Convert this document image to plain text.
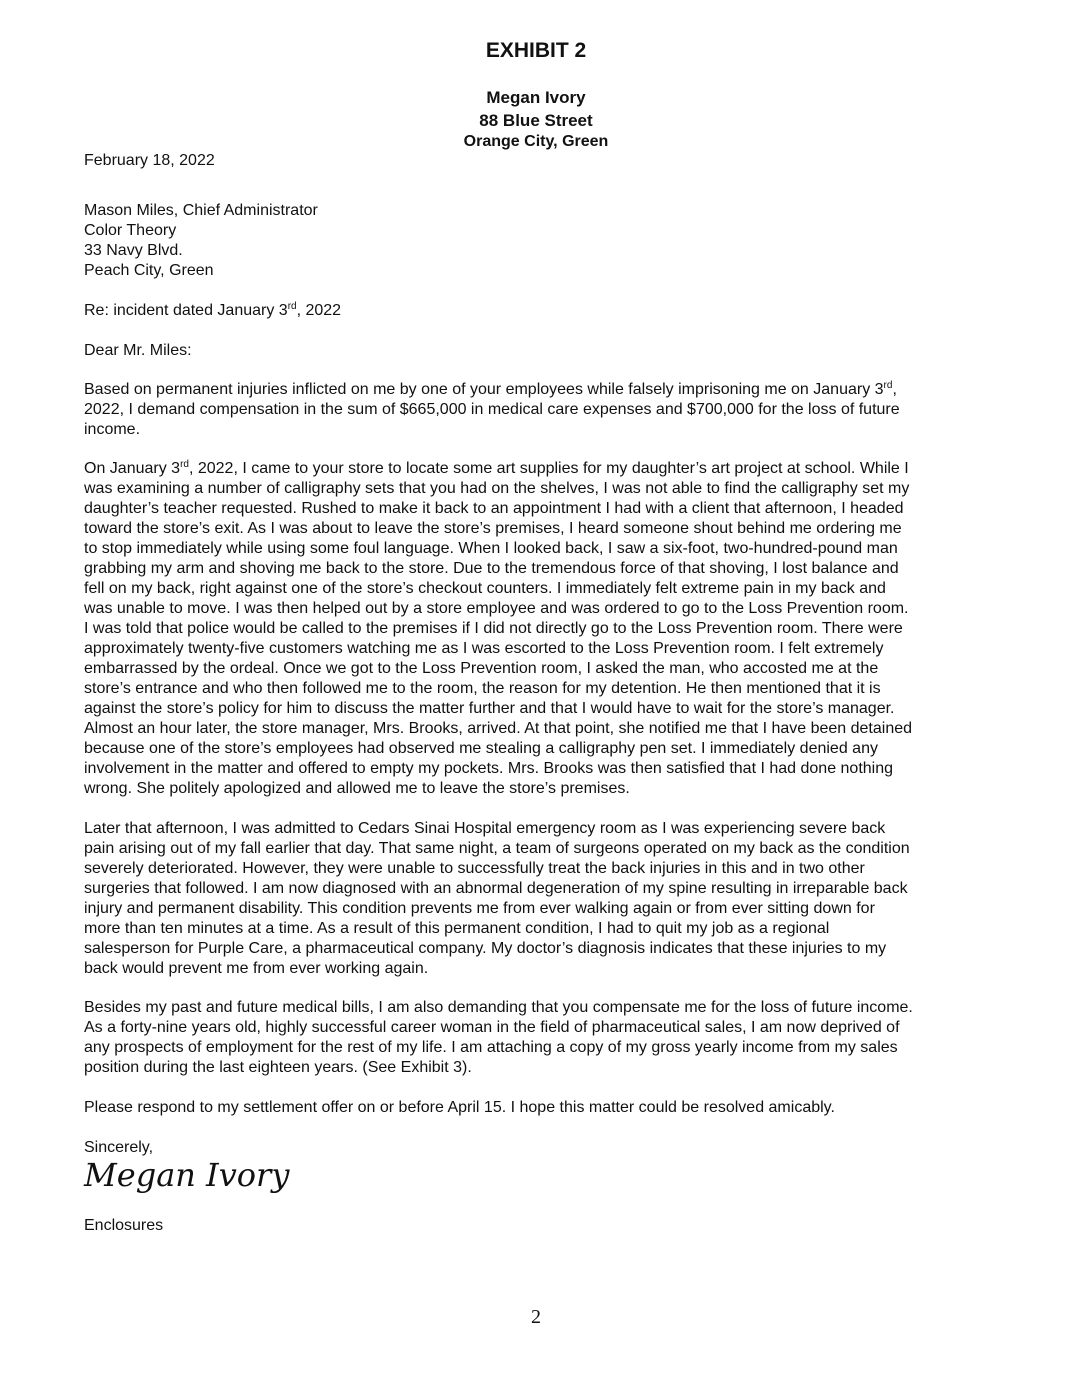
EXHIBIT 2
Megan Ivory
88 Blue Street
Orange City, Green
February 18, 2022
Mason Miles, Chief Administrator
Color Theory
33 Navy Blvd.
Peach City, Green
Re: incident dated January 3rd, 2022
Dear Mr. Miles:
Based on permanent injuries inflicted on me by one of your employees while falsely imprisoning me on January 3rd,
2022, I demand compensation in the sum of $665,000 in medical care expenses and $700,000 for the loss of future
income.
On January 3rd, 2022, I came to your store to locate some art supplies for my daughter’s art project at school. While I
was examining a number of calligraphy sets that you had on the shelves, I was not able to find the calligraphy set my
daughter’s teacher requested. Rushed to make it back to an appointment I had with a client that afternoon, I headed
toward the store’s exit. As I was about to leave the store’s premises, I heard someone shout behind me ordering me
to stop immediately while using some foul language. When I looked back, I saw a six-foot, two-hundred-pound man
grabbing my arm and shoving me back to the store. Due to the tremendous force of that shoving, I lost balance and
fell on my back, right against one of the store’s checkout counters. I immediately felt extreme pain in my back and
was unable to move. I was then helped out by a store employee and was ordered to go to the Loss Prevention room.
I was told that police would be called to the premises if I did not directly go to the Loss Prevention room. There were
approximately twenty-five customers watching me as I was escorted to the Loss Prevention room. I felt extremely
embarrassed by the ordeal. Once we got to the Loss Prevention room, I asked the man, who accosted me at the
store’s entrance and who then followed me to the room, the reason for my detention. He then mentioned that it is
against the store’s policy for him to discuss the matter further and that I would have to wait for the store’s manager.
Almost an hour later, the store manager, Mrs. Brooks, arrived. At that point, she notified me that I have been detained
because one of the store’s employees had observed me stealing a calligraphy pen set. I immediately denied any
involvement in the matter and offered to empty my pockets. Mrs. Brooks was then satisfied that I had done nothing
wrong. She politely apologized and allowed me to leave the store’s premises.
Later that afternoon, I was admitted to Cedars Sinai Hospital emergency room as I was experiencing severe back
pain arising out of my fall earlier that day. That same night, a team of surgeons operated on my back as the condition
severely deteriorated. However, they were unable to successfully treat the back injuries in this and in two other
surgeries that followed. I am now diagnosed with an abnormal degeneration of my spine resulting in irreparable back
injury and permanent disability. This condition prevents me from ever walking again or from ever sitting down for
more than ten minutes at a time. As a result of this permanent condition, I had to quit my job as a regional
salesperson for Purple Care, a pharmaceutical company. My doctor’s diagnosis indicates that these injuries to my
back would prevent me from ever working again.
Besides my past and future medical bills, I am also demanding that you compensate me for the loss of future income.
As a forty-nine years old, highly successful career woman in the field of pharmaceutical sales, I am now deprived of
any prospects of employment for the rest of my life. I am attaching a copy of my gross yearly income from my sales
position during the last eighteen years. (See Exhibit 3).
Please respond to my settlement offer on or before April 15. I hope this matter could be resolved amicably.
Sincerely,
Megan Ivory
Enclosures
2
